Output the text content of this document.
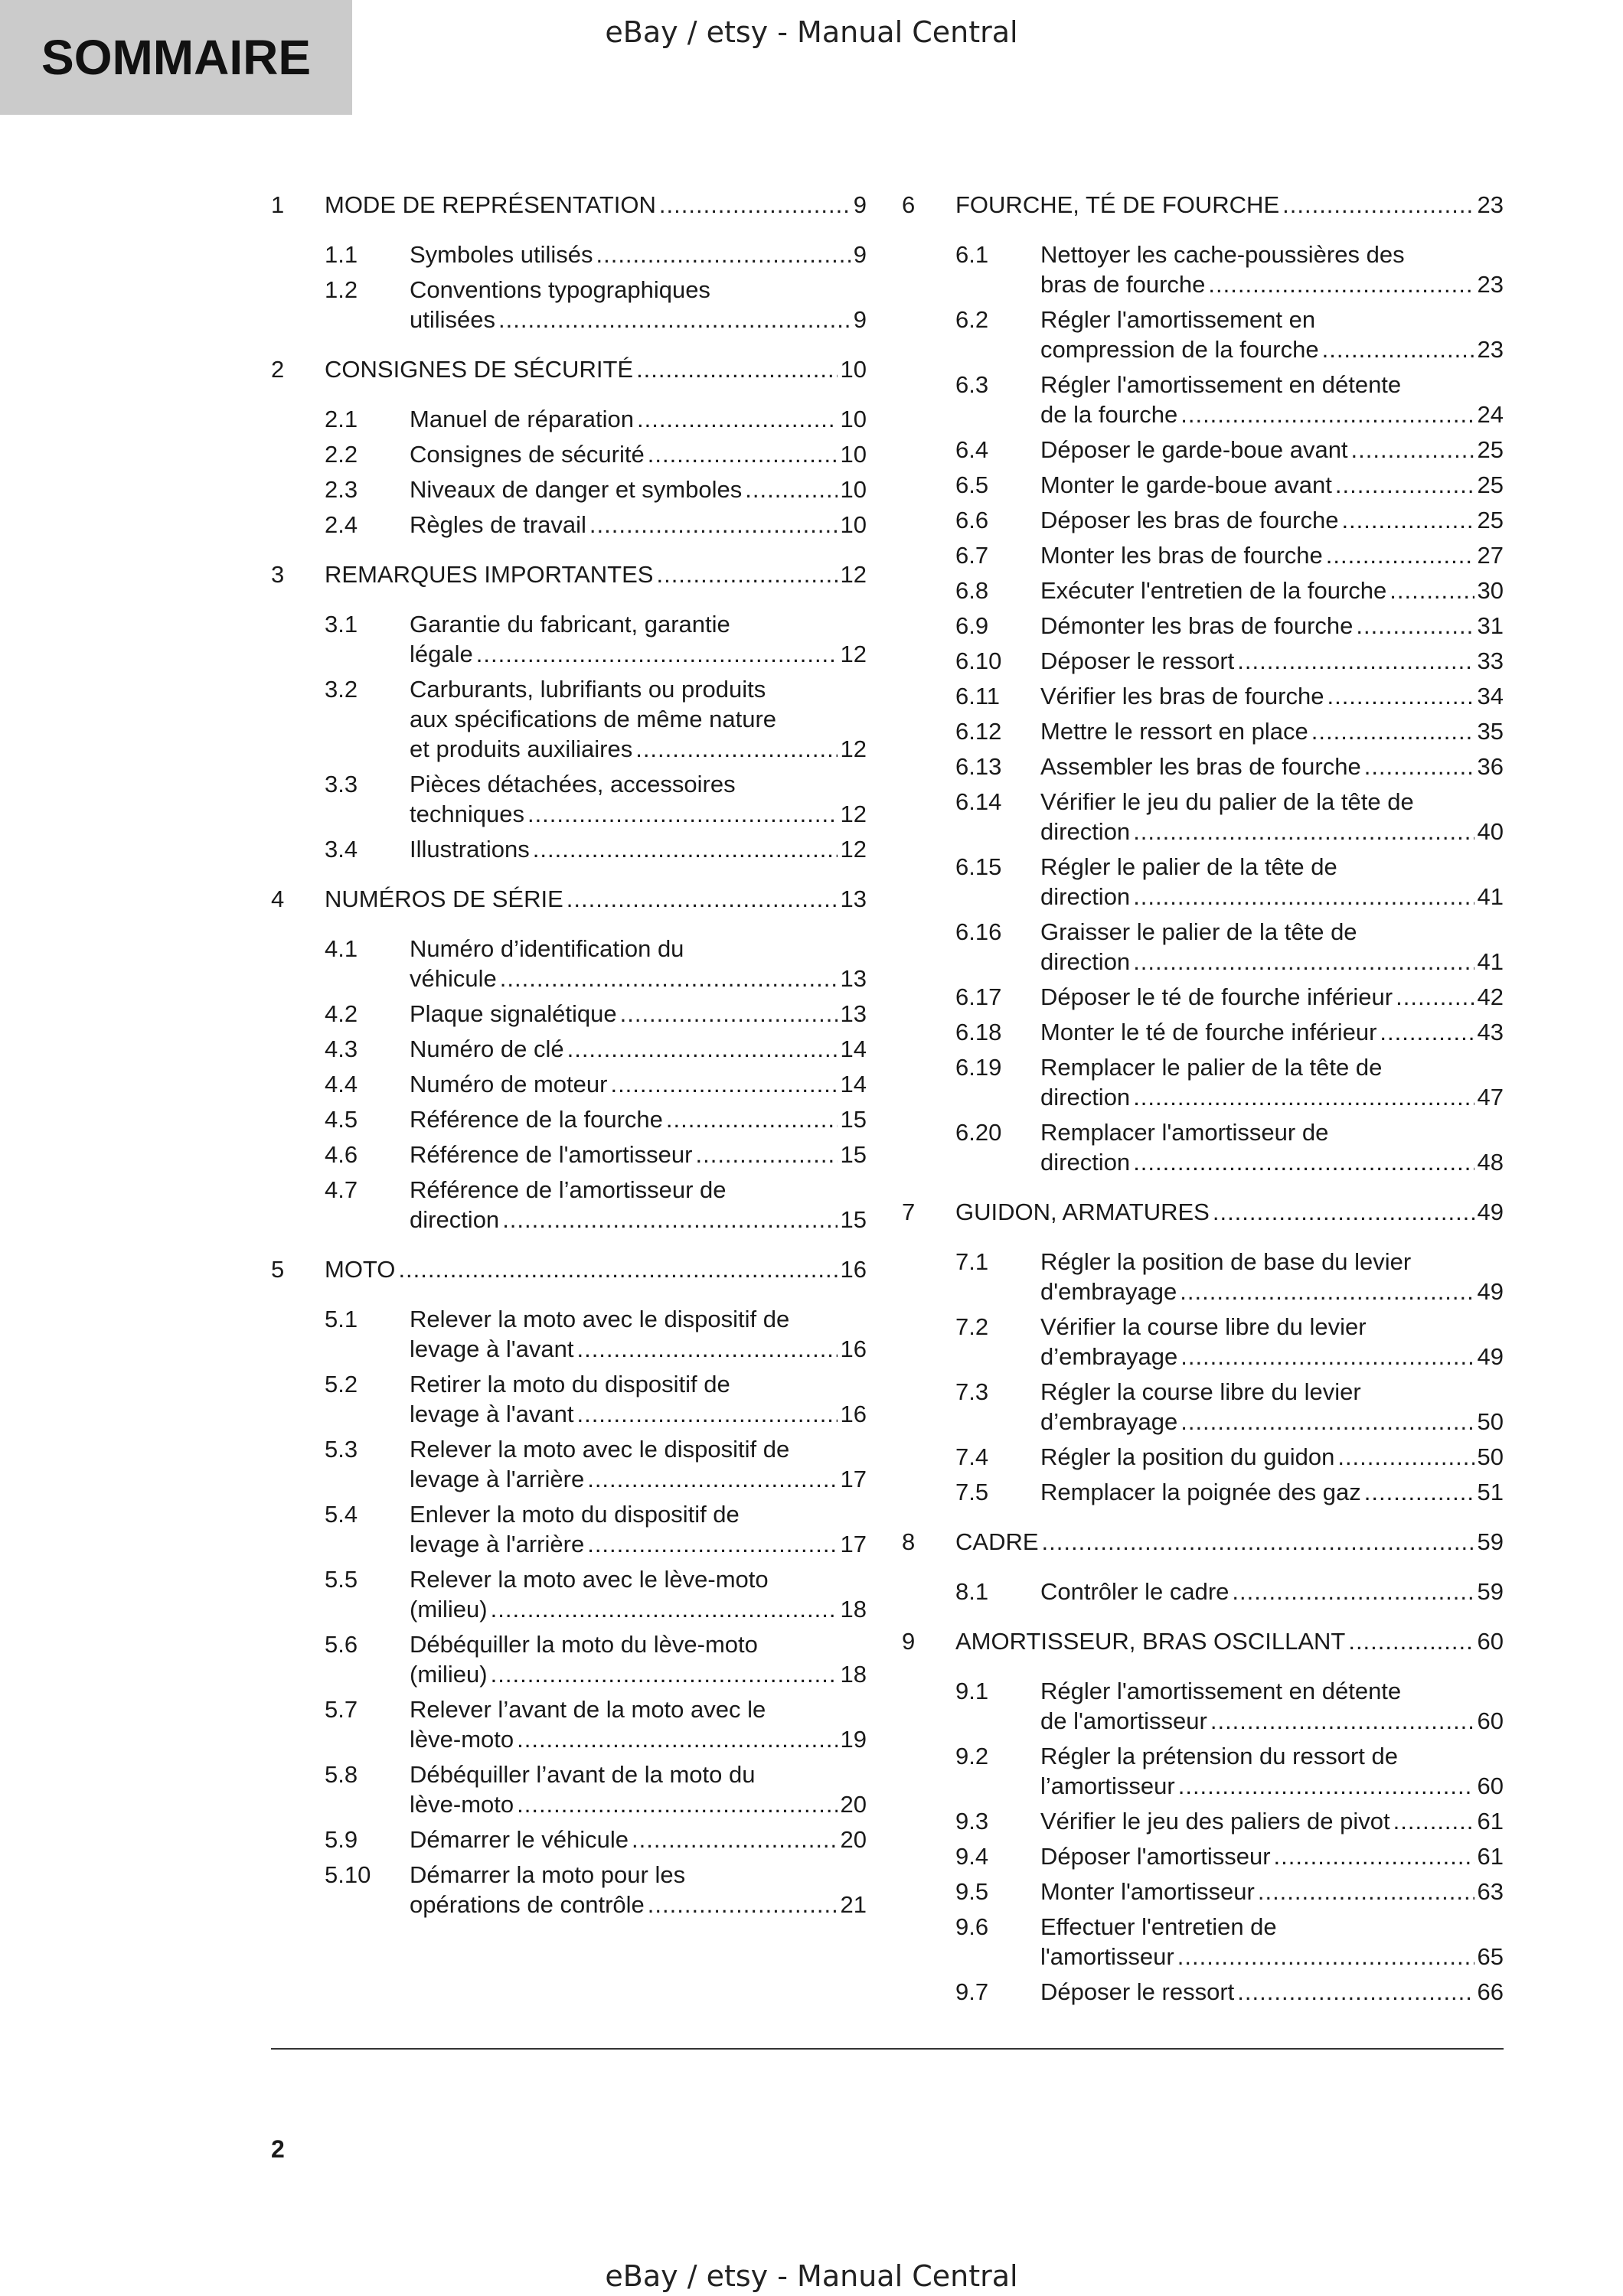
SOMMAIRE	eBay / etsy - Manual Central
1 MODE DE REPRÉSENTATION .....	9
1.1 Symboles utilisés .....	9
1.2 Conventions typographiques
utilisées .....	9
2 CONSIGNES DE SÉCURITÉ .....	10
2.1 Manuel de réparation .....	10
2.2 Consignes de sécurité .....	10
2.3 Niveaux de danger et symboles .....	10
2.4 Règles de travail .....	10
3 REMARQUES IMPORTANTES .....	12
3.1 Garantie du fabricant, garantie
légale .....	12
3.2 Carburants, lubrifiants ou produits
aux spécifications de même nature
et produits auxiliaires .....	12
3.3 Pièces détachées, accessoires
techniques .....	12
3.4 Illustrations .....	12
4 NUMÉROS DE SÉRIE .....	13
4.1 Numéro d’identification du
véhicule .....	13
4.2 Plaque signalétique .....	13
4.3 Numéro de clé .....	14
4.4 Numéro de moteur .....	14
4.5 Référence de la fourche .....	15
4.6 Référence de l'amortisseur .....	15
4.7 Référence de l’amortisseur de
direction .....	15
5 MOTO .....	16
5.1 Relever la moto avec le dispositif de
levage à l'avant .....	16
5.2 Retirer la moto du dispositif de
levage à l'avant .....	16
5.3 Relever la moto avec le dispositif de
levage à l'arrière .....	17
5.4 Enlever la moto du dispositif de
levage à l'arrière .....	17
5.5 Relever la moto avec le lève-moto
(milieu) .....	18
5.6 Débéquiller la moto du lève-moto
(milieu) .....	18
5.7 Relever l’avant de la moto avec le
lève-moto .....	19
5.8 Débéquiller l’avant de la moto du
lève-moto .....	20
5.9 Démarrer le véhicule .....	20
5.10 Démarrer la moto pour les
opérations de contrôle .....	21
6 FOURCHE, TÉ DE FOURCHE .....	23
6.1 Nettoyer les cache-poussières des
bras de fourche .....	23
6.2 Régler l'amortissement en
compression de la fourche .....	23
6.3 Régler l'amortissement en détente
de la fourche .....	24
6.4 Déposer le garde-boue avant .....	25
6.5 Monter le garde-boue avant .....	25
6.6 Déposer les bras de fourche .....	25
6.7 Monter les bras de fourche .....	27
6.8 Exécuter l'entretien de la fourche .....	30
6.9 Démonter les bras de fourche .....	31
6.10 Déposer le ressort .....	33
6.11 Vérifier les bras de fourche .....	34
6.12 Mettre le ressort en place .....	35
6.13 Assembler les bras de fourche .....	36
6.14 Vérifier le jeu du palier de la tête de
direction .....	40
6.15 Régler le palier de la tête de
direction .....	41
6.16 Graisser le palier de la tête de
direction .....	41
6.17 Déposer le té de fourche inférieur .....	42
6.18 Monter le té de fourche inférieur .....	43
6.19 Remplacer le palier de la tête de
direction .....	47
6.20 Remplacer l'amortisseur de
direction .....	48
7 GUIDON, ARMATURES .....	49
7.1 Régler la position de base du levier
d'embrayage .....	49
7.2 Vérifier la course libre du levier
d’embrayage .....	49
7.3 Régler la course libre du levier
d’embrayage .....	50
7.4 Régler la position du guidon .....	50
7.5 Remplacer la poignée des gaz .....	51
8 CADRE .....	59
8.1 Contrôler le cadre .....	59
9 AMORTISSEUR, BRAS OSCILLANT .....	60
9.1 Régler l'amortissement en détente
de l'amortisseur .....	60
9.2 Régler la prétension du ressort de
l’amortisseur .....	60
9.3 Vérifier le jeu des paliers de pivot .....	61
9.4 Déposer l'amortisseur .....	61
9.5 Monter l'amortisseur .....	63
9.6 Effectuer l'entretien de
l'amortisseur .....	65
9.7 Déposer le ressort .....	66
2
eBay / etsy - Manual Central
